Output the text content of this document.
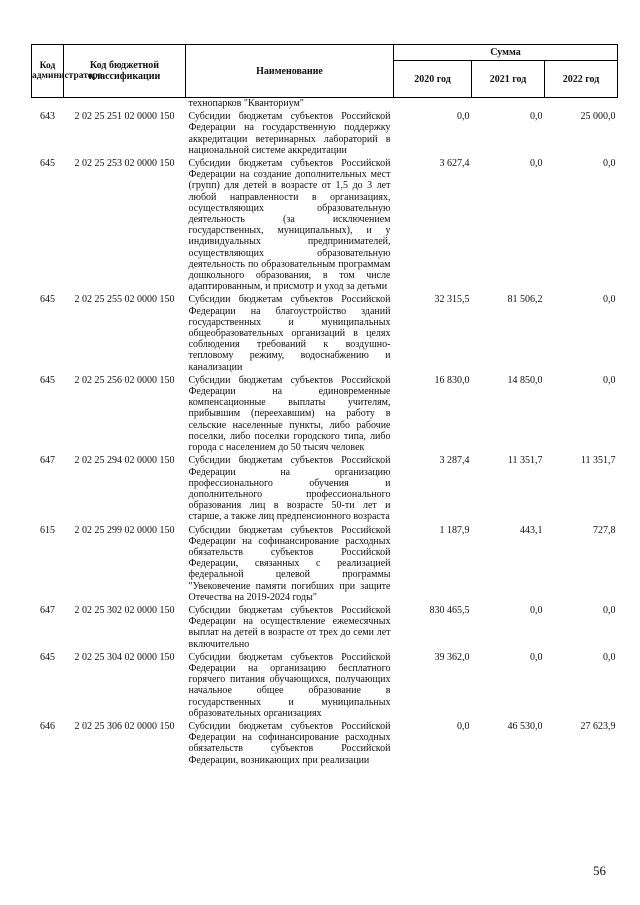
Код администратора	Код бюджетной классификации	Наименование	Сумма		
			2020 год	2021 год	2022 год
		технопарков "Кванториум"			
643	2 02 25 251 02 0000 150	Субсидии бюджетам субъектов Российской Федерации на государственную поддержку аккредитации ветеринарных лабораторий в национальной системе аккредитации	0,0	0,0	25 000,0
645	2 02 25 253 02 0000 150	Субсидии бюджетам субъектов Российской Федерации на создание дополнительных мест (групп) для детей в возрасте от 1,5 до 3 лет любой направленности в организациях, осуществляющих образовательную деятельность (за исключением государственных, муниципальных), и у индивидуальных предпринимателей, осуществляющих образовательную деятельность по образовательным программам дошкольного образования, в том числе адаптированным, и присмотр и уход за детьми	3 627,4	0,0	0,0
645	2 02 25 255 02 0000 150	Субсидии бюджетам субъектов Российской Федерации на благоустройство зданий государственных и муниципальных общеобразовательных организаций в целях соблюдения требований к воздушно-тепловому режиму, водоснабжению и канализации	32 315,5	81 506,2	0,0
645	2 02 25 256 02 0000 150	Субсидии бюджетам субъектов Российской Федерации на единовременные компенсационные выплаты учителям, прибывшим (переехавшим) на работу в сельские населенные пункты, либо рабочие поселки, либо поселки городского типа, либо города с населением до 50 тысяч человек	16 830,0	14 850,0	0,0
647	2 02 25 294 02 0000 150	Субсидии бюджетам субъектов Российской Федерации на организацию профессионального обучения и дополнительного профессионального образования лиц в возрасте 50-ти лет и старше, а также лиц предпенсионного возраста	3 287,4	11 351,7	11 351,7
615	2 02 25 299 02 0000 150	Субсидии бюджетам субъектов Российской Федерации на софинансирование расходных обязательств субъектов Российской Федерации, связанных с реализацией федеральной целевой программы "Увековечение памяти погибших при защите Отечества на 2019-2024 годы"	1 187,9	443,1	727,8
647	2 02 25 302 02 0000 150	Субсидии бюджетам субъектов Российской Федерации на осуществление ежемесячных выплат на детей в возрасте от трех до семи лет включительно	830 465,5	0,0	0,0
645	2 02 25 304 02 0000 150	Субсидии бюджетам субъектов Российской Федерации на организацию бесплатного горячего питания обучающихся, получающих начальное общее образование в государственных и муниципальных образовательных организациях	39 362,0	0,0	0,0
646	2 02 25 306 02 0000 150	Субсидии бюджетам субъектов Российской Федерации на софинансирование расходных обязательств субъектов Российской Федерации, возникающих при реализации	0,0	46 530,0	27 623,9
56
